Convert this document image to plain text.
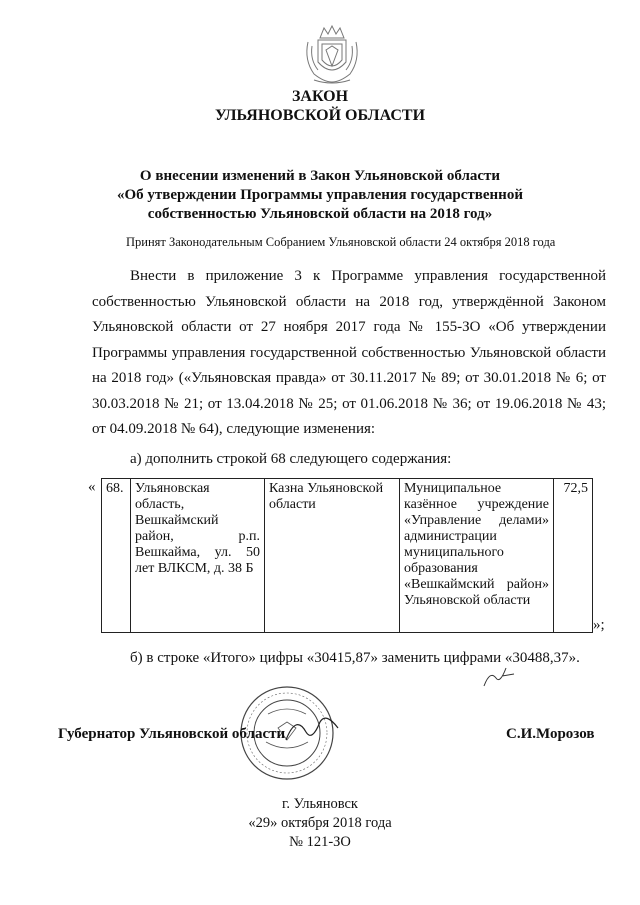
ЗАКОН
УЛЬЯНОВСКОЙ ОБЛАСТИ
О внесении изменений в Закон Ульяновской области
«Об утверждении Программы управления государственной
собственностью Ульяновской области на 2018 год»
Принят Законодательным Собранием Ульяновской области 24 октября 2018 года

Внести в приложение 3 к Программе управления государственной собственностью Ульяновской области на 2018 год, утверждённой Законом Ульяновской области от 27 ноября 2017 года № 155-ЗО «Об утверждении Программы управления государственной собственностью Ульяновской области на 2018 год» («Ульяновская правда» от 30.11.2017 № 89; от 30.01.2018 № 6; от 30.03.2018 № 21; от 13.04.2018 № 25; от 01.06.2018 № 36; от 19.06.2018 № 43; от 04.09.2018 № 64), следующие изменения:

а) дополнить строкой 68 следующего содержания:
« 68.	Ульяновская область, Вешкаймский район, р.п. Вешкайма, ул. 50 лет ВЛКСМ, д. 38 Б	Казна Ульяновской области	Муниципальное казённое учреждение «Управление делами» администрации муниципального образования «Вешкаймский район» Ульяновской области	72,5
»;
б) в строке «Итого» цифры «30415,87» заменить цифрами «30488,37».
Губернатор Ульяновской области	С.И.Морозов
г. Ульяновск
«29» октября 2018 года
№ 121-ЗО
